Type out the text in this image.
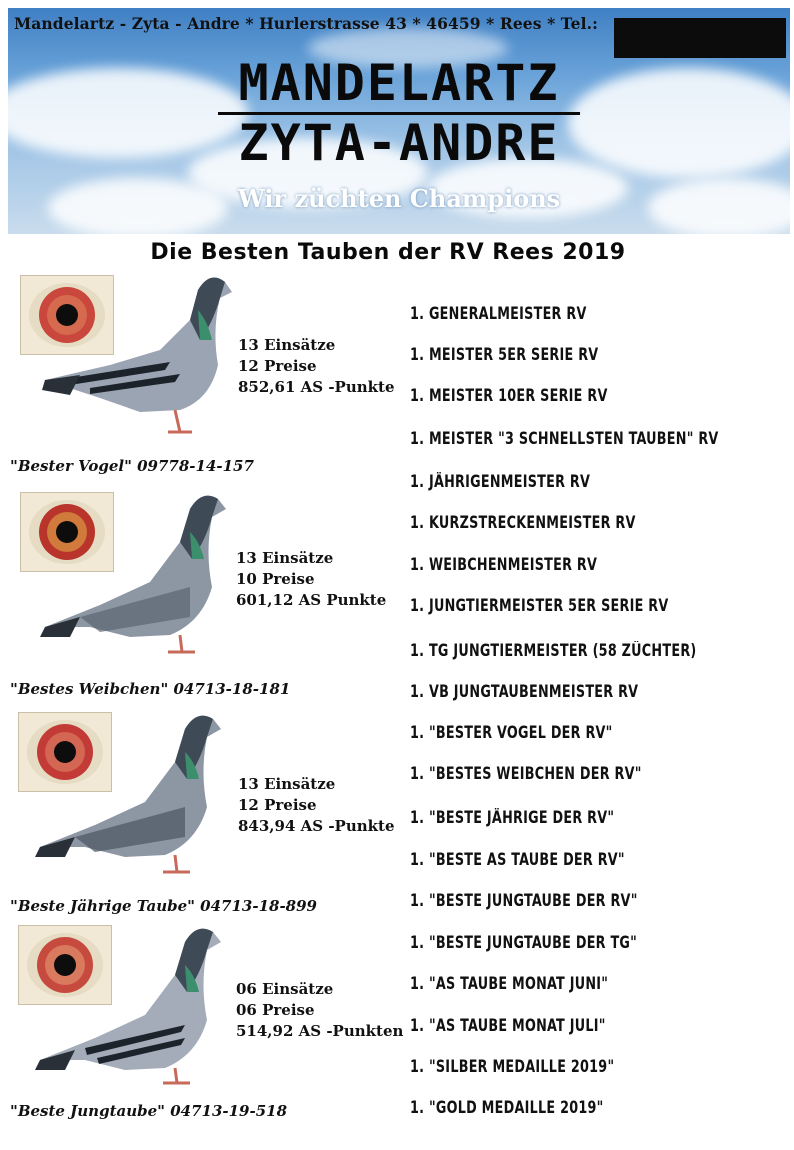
Mandelartz - Zyta - Andre * Hurlerstrasse 43 * 46459 * Rees * Tel.:
MANDELARTZ
ZYTA-ANDRE
Wir züchten Champions
Die Besten Tauben der RV Rees 2019
13 Einsätze
12 Preise
852,61 AS -Punkte
"Bester Vogel" 09778-14-157
13 Einsätze
10 Preise
601,12 AS Punkte
"Bestes Weibchen" 04713-18-181
13 Einsätze
12 Preise
843,94 AS -Punkte
"Beste Jährige Taube" 04713-18-899
06 Einsätze
06 Preise
514,92 AS -Punkten
"Beste Jungtaube" 04713-19-518
1. GENERALMEISTER RV
1. MEISTER 5ER SERIE RV
1. MEISTER 10ER SERIE RV
1. MEISTER "3 SCHNELLSTEN TAUBEN" RV
1. JÄHRIGENMEISTER RV
1. KURZSTRECKENMEISTER RV
1. WEIBCHENMEISTER RV
1. JUNGTIERMEISTER 5ER SERIE RV
1. TG JUNGTIERMEISTER (58 ZÜCHTER)
1. VB JUNGTAUBENMEISTER RV
1. "BESTER VOGEL DER RV"
1. "BESTES WEIBCHEN DER RV"
1. "BESTE JÄHRIGE DER RV"
1. "BESTE AS TAUBE DER RV"
1. "BESTE JUNGTAUBE DER RV"
1. "BESTE JUNGTAUBE DER TG"
1. "AS TAUBE MONAT JUNI"
1. "AS TAUBE MONAT JULI"
1. "SILBER MEDAILLE 2019"
1. "GOLD MEDAILLE 2019"
